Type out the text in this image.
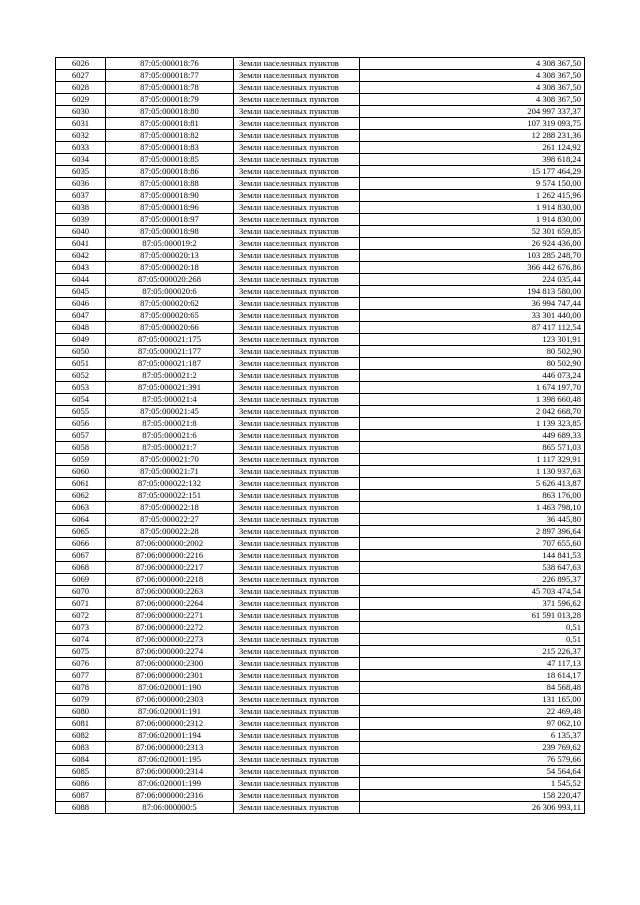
6026	87:05:000018:76	Земли населенных пунктов	4 308 367,50
6027	87:05:000018:77	Земли населенных пунктов	4 308 367,50
6028	87:05:000018:78	Земли населенных пунктов	4 308 367,50
6029	87:05:000018:79	Земли населенных пунктов	4 308 367,50
6030	87:05:000018:80	Земли населенных пунктов	204 997 337,37
6031	87:05:000018:81	Земли населенных пунктов	107 319 093,75
6032	87:05:000018:82	Земли населенных пунктов	12 288 231,36
6033	87:05:000018:83	Земли населенных пунктов	261 124,92
6034	87:05:000018:85	Земли населенных пунктов	398 618,24
6035	87:05:000018:86	Земли населенных пунктов	15 177 464,29
6036	87:05:000018:88	Земли населенных пунктов	9 574 150,00
6037	87:05:000018:90	Земли населенных пунктов	1 262 415,96
6038	87:05:000018:96	Земли населенных пунктов	1 914 830,00
6039	87:05:000018:97	Земли населенных пунктов	1 914 830,00
6040	87:05:000018:98	Земли населенных пунктов	52 301 659,85
6041	87:05:000019:2	Земли населенных пунктов	26 924 436,00
6042	87:05:000020:13	Земли населенных пунктов	103 285 248,70
6043	87:05:000020:18	Земли населенных пунктов	366 442 676,86
6044	87:05:000020:268	Земли населенных пунктов	224 035,44
6045	87:05:000020:6	Земли населенных пунктов	194 813 580,00
6046	87:05:000020:62	Земли населенных пунктов	36 994 747,44
6047	87:05:000020:65	Земли населенных пунктов	33 301 440,00
6048	87:05:000020:66	Земли населенных пунктов	87 417 112,54
6049	87:05:000021:175	Земли населенных пунктов	123 301,91
6050	87:05:000021:177	Земли населенных пунктов	80 502,90
6051	87:05:000021:187	Земли населенных пунктов	80 502,90
6052	87:05:000021:2	Земли населенных пунктов	446 073,24
6053	87:05:000021:391	Земли населенных пунктов	1 674 197,70
6054	87:05:000021:4	Земли населенных пунктов	1 398 660,48
6055	87:05:000021:45	Земли населенных пунктов	2 042 668,70
6056	87:05:000021:8	Земли населенных пунктов	1 139 323,85
6057	87:05:000021:6	Земли населенных пунктов	449 689,33
6058	87:05:000021:7	Земли населенных пунктов	865 571,03
6059	87:05:000021:70	Земли населенных пунктов	1 117 329,91
6060	87:05:000021:71	Земли населенных пунктов	1 130 937,63
6061	87:05:000022:132	Земли населенных пунктов	5 626 413,87
6062	87:05:000022:151	Земли населенных пунктов	863 176,00
6063	87:05:000022:18	Земли населенных пунктов	1 463 798,10
6064	87:05:000022:27	Земли населенных пунктов	36 445,80
6065	87:05:000022:28	Земли населенных пунктов	2 897 396,64
6066	87:06:000000:2002	Земли населенных пунктов	707 655,60
6067	87:06:000000:2216	Земли населенных пунктов	144 841,53
6068	87:06:000000:2217	Земли населенных пунктов	538 647,63
6069	87:06:000000:2218	Земли населенных пунктов	226 895,37
6070	87:06:000000:2263	Земли населенных пунктов	45 703 474,54
6071	87:06:000000:2264	Земли населенных пунктов	371 596,62
6072	87:06:000000:2271	Земли населенных пунктов	61 591 013,28
6073	87:06:000000:2272	Земли населенных пунктов	0,51
6074	87:06:000000:2273	Земли населенных пунктов	0,51
6075	87:06:000000:2274	Земли населенных пунктов	215 226,37
6076	87:06:000000:2300	Земли населенных пунктов	47 117,13
6077	87:06:000000:2301	Земли населенных пунктов	18 614,17
6078	87:06:020001:190	Земли населенных пунктов	84 568,48
6079	87:06:000000:2303	Земли населенных пунктов	131 165,00
6080	87:06:020001:191	Земли населенных пунктов	22 469,48
6081	87:06:000000:2312	Земли населенных пунктов	97 062,10
6082	87:06:020001:194	Земли населенных пунктов	6 135,37
6083	87:06:000000:2313	Земли населенных пунктов	239 769,62
6084	87:06:020001:195	Земли населенных пунктов	76 579,66
6085	87:06:000000:2314	Земли населенных пунктов	54 564,64
6086	87:06:020001:199	Земли населенных пунктов	1 545,52
6087	87:06:000000:2316	Земли населенных пунктов	158 220,47
6088	87:06:000000:5	Земли населенных пунктов	26 306 993,11
